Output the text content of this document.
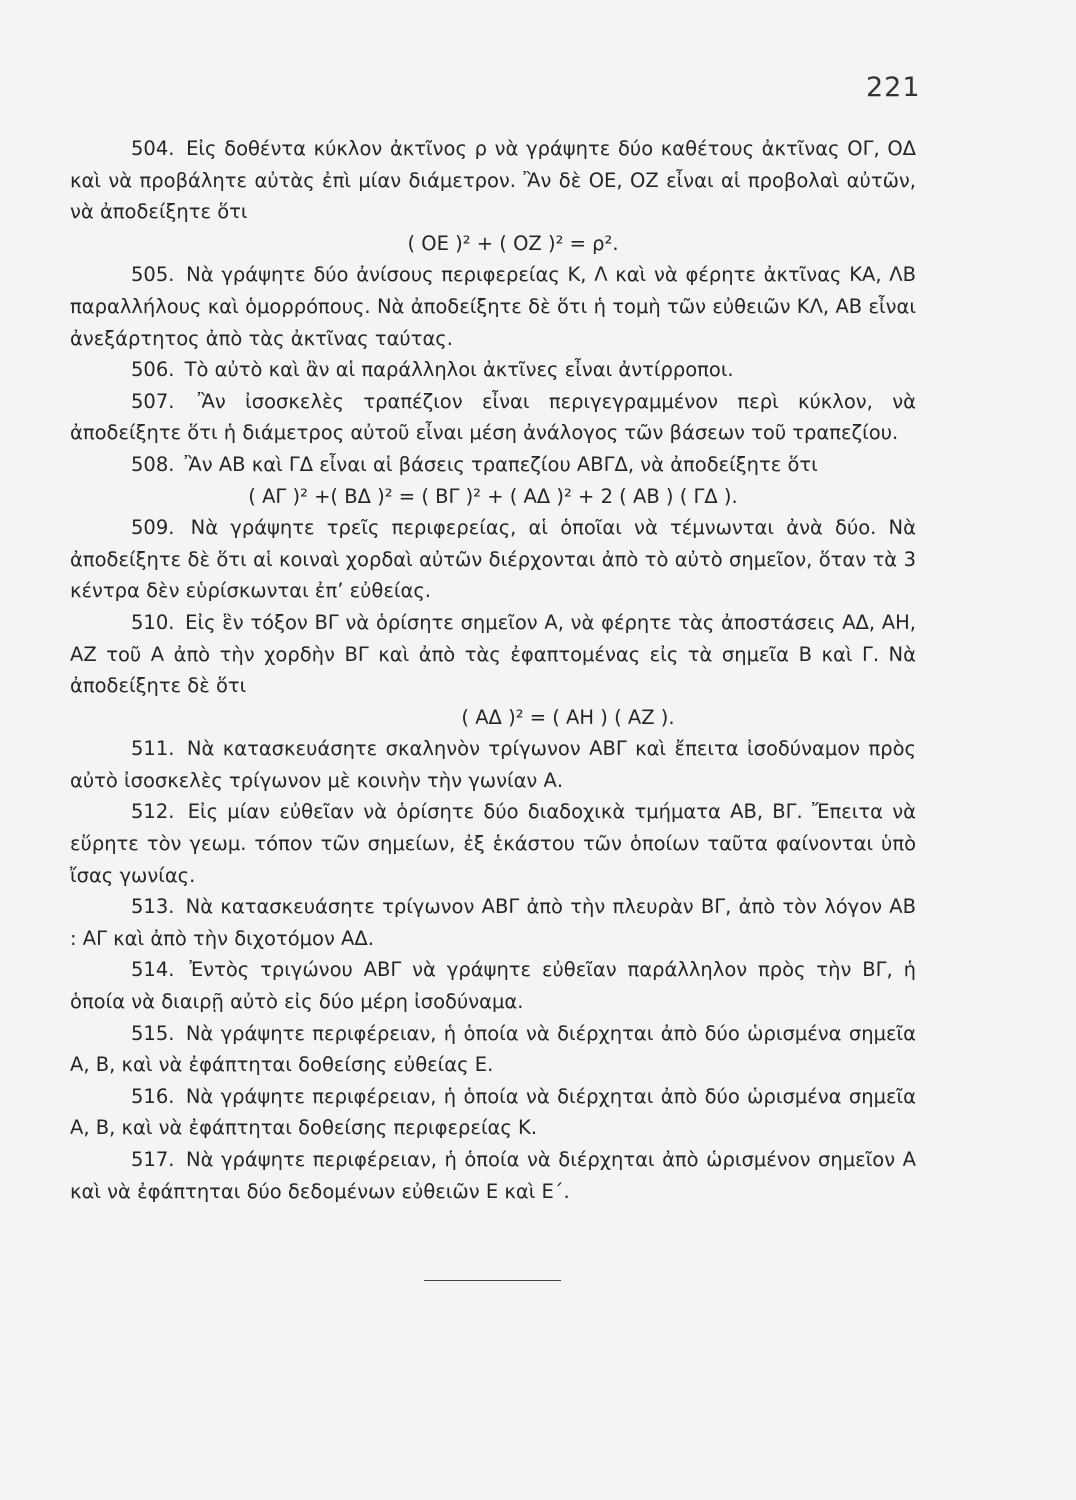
221

504. Εἰς δοθέντα κύκλον ἀκτῖνος ρ νὰ γράψητε δύο καθέτους ἀκτῖνας ΟΓ, ΟΔ καὶ νὰ προβάλητε αὐτὰς ἐπὶ μίαν διάμετρον. Ἂν δὲ ΟΕ, ΟΖ εἶναι αἱ προβολαὶ αὐτῶν, νὰ ἀποδείξητε ὅτι

( ΟΕ )² + ( ΟΖ )² = ρ².

505. Νὰ γράψητε δύο ἀνίσους περιφερείας Κ, Λ καὶ νὰ φέρητε ἀκτῖνας ΚΑ, ΛΒ παραλλήλους καὶ ὁμορρόπους. Νὰ ἀποδείξητε δὲ ὅτι ἡ τομὴ τῶν εὐθειῶν ΚΛ, ΑΒ εἶναι ἀνεξάρτητος ἀπὸ τὰς ἀκτῖνας ταύτας.

506. Τὸ αὐτὸ καὶ ἂν αἱ παράλληλοι ἀκτῖνες εἶναι ἀντίρροποι.

507. Ἂν ἰσοσκελὲς τραπέζιον εἶναι περιγεγραμμένον περὶ κύκλον, νὰ ἀποδείξητε ὅτι ἡ διάμετρος αὐτοῦ εἶναι μέση ἀνάλογος τῶν βάσεων τοῦ τραπεζίου.

508. Ἂν ΑΒ καὶ ΓΔ εἶναι αἱ βάσεις τραπεζίου ΑΒΓΔ, νὰ ἀποδείξητε ὅτι

( ΑΓ )² +( ΒΔ )² = ( ΒΓ )² + ( ΑΔ )² + 2 ( ΑΒ ) ( ΓΔ ).

509. Νὰ γράψητε τρεῖς περιφερείας, αἱ ὁποῖαι νὰ τέμνωνται ἀνὰ δύο. Νὰ ἀποδείξητε δὲ ὅτι αἱ κοιναὶ χορδαὶ αὐτῶν διέρχονται ἀπὸ τὸ αὐτὸ σημεῖον, ὅταν τὰ 3 κέντρα δὲν εὑρίσκωνται ἐπ’ εὐθείας.

510. Εἰς ἓν τόξον ΒΓ νὰ ὁρίσητε σημεῖον Α, νὰ φέρητε τὰς ἀποστάσεις ΑΔ, ΑΗ, ΑΖ τοῦ Α ἀπὸ τὴν χορδὴν ΒΓ καὶ ἀπὸ τὰς ἐφαπτομένας εἰς τὰ σημεῖα Β καὶ Γ. Νὰ ἀποδείξητε δὲ ὅτι

( ΑΔ )² = ( ΑΗ ) ( ΑΖ ).

511. Νὰ κατασκευάσητε σκαληνὸν τρίγωνον ΑΒΓ καὶ ἔπειτα ἰσοδύναμον πρὸς αὐτὸ ἰσοσκελὲς τρίγωνον μὲ κοινὴν τὴν γωνίαν Α.

512. Εἰς μίαν εὐθεῖαν νὰ ὁρίσητε δύο διαδοχικὰ τμήματα ΑΒ, ΒΓ. Ἔπειτα νὰ εὕρητε τὸν γεωμ. τόπον τῶν σημείων, ἐξ ἑκάστου τῶν ὁποίων ταῦτα φαίνονται ὑπὸ ἴσας γωνίας.

513. Νὰ κατασκευάσητε τρίγωνον ΑΒΓ ἀπὸ τὴν πλευρὰν ΒΓ, ἀπὸ τὸν λόγον ΑΒ : ΑΓ καὶ ἀπὸ τὴν διχοτόμον ΑΔ.

514. Ἐντὸς τριγώνου ΑΒΓ νὰ γράψητε εὐθεῖαν παράλληλον πρὸς τὴν ΒΓ, ἡ ὁποία νὰ διαιρῇ αὐτὸ εἰς δύο μέρη ἰσοδύναμα.

515. Νὰ γράψητε περιφέρειαν, ἡ ὁποία νὰ διέρχηται ἀπὸ δύο ὡρισμένα σημεῖα Α, Β, καὶ νὰ ἐφάπτηται δοθείσης εὐθείας Ε.

516. Νὰ γράψητε περιφέρειαν, ἡ ὁποία νὰ διέρχηται ἀπὸ δύο ὡρισμένα σημεῖα Α, Β, καὶ νὰ ἐφάπτηται δοθείσης περιφερείας Κ.

517. Νὰ γράψητε περιφέρειαν, ἡ ὁποία νὰ διέρχηται ἀπὸ ὡρισμένον σημεῖον Α καὶ νὰ ἐφάπτηται δύο δεδομένων εὐθειῶν Ε καὶ Ε΄.
